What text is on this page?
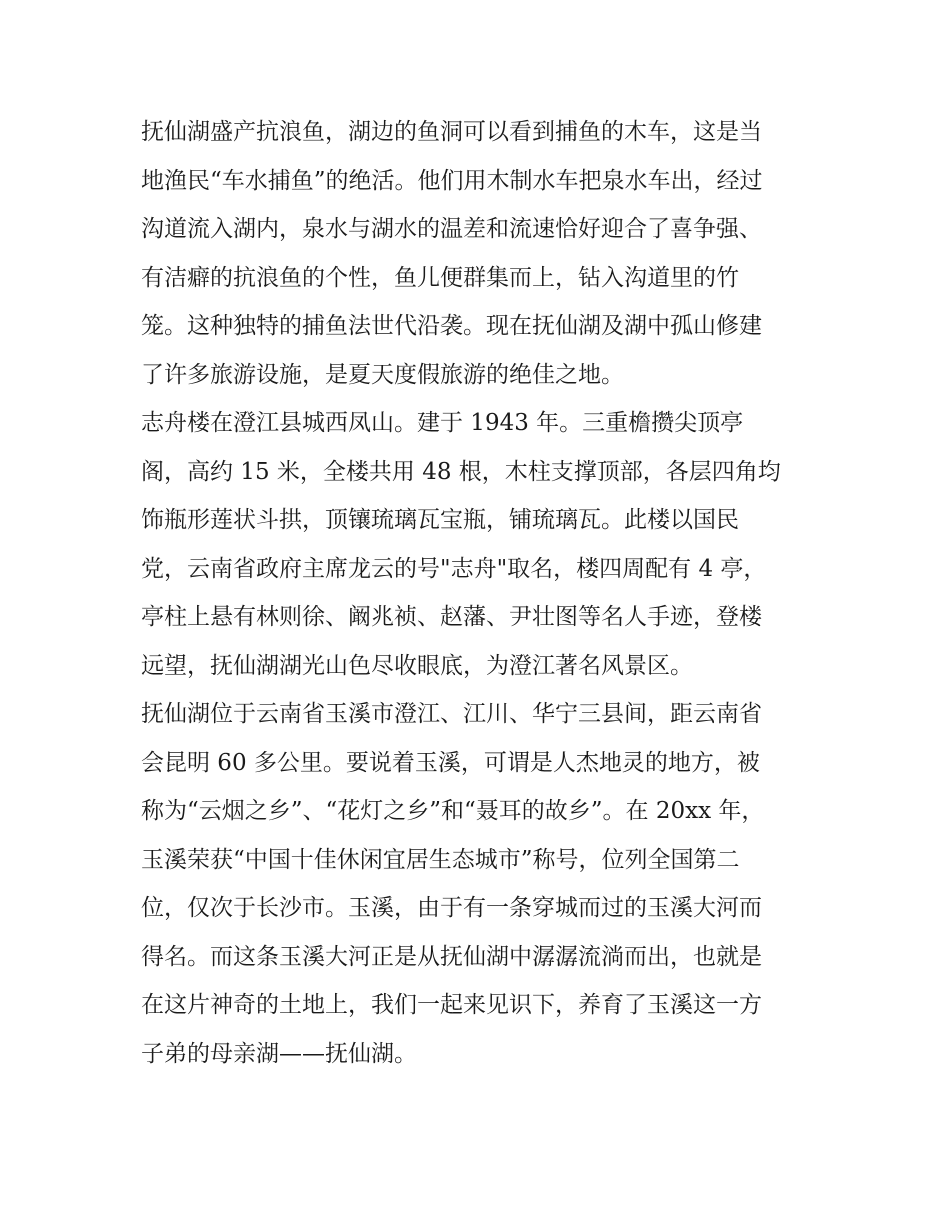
抚仙湖盛产抗浪鱼，湖边的鱼洞可以看到捕鱼的木车，这是当
地渔民“车水捕鱼”的绝活。他们用木制水车把泉水车出，经过
沟道流入湖内，泉水与湖水的温差和流速恰好迎合了喜争强、
有洁癖的抗浪鱼的个性，鱼儿便群集而上，钻入沟道里的竹
笼。这种独特的捕鱼法世代沿袭。现在抚仙湖及湖中孤山修建
了许多旅游设施，是夏天度假旅游的绝佳之地。
志舟楼在澄江县城西凤山。建于 1943 年。三重檐攒尖顶亭
阁，高约 15 米，全楼共用 48 根，木柱支撑顶部，各层四角均
饰瓶形莲状斗拱，顶镶琉璃瓦宝瓶，铺琉璃瓦。此楼以国民
党，云南省政府主席龙云的号"志舟"取名，楼四周配有 4 亭，
亭柱上悬有林则徐、阚兆祯、赵藩、尹壮图等名人手迹，登楼
远望，抚仙湖湖光山色尽收眼底，为澄江著名风景区。
抚仙湖位于云南省玉溪市澄江、江川、华宁三县间，距云南省
会昆明 60 多公里。要说着玉溪，可谓是人杰地灵的地方，被
称为“云烟之乡”、“花灯之乡”和“聂耳的故乡”。在 20xx 年，
玉溪荣获“中国十佳休闲宜居生态城市”称号，位列全国第二
位，仅次于长沙市。玉溪，由于有一条穿城而过的玉溪大河而
得名。而这条玉溪大河正是从抚仙湖中潺潺流淌而出，也就是
在这片神奇的土地上，我们一起来见识下，养育了玉溪这一方
子弟的母亲湖——抚仙湖。
